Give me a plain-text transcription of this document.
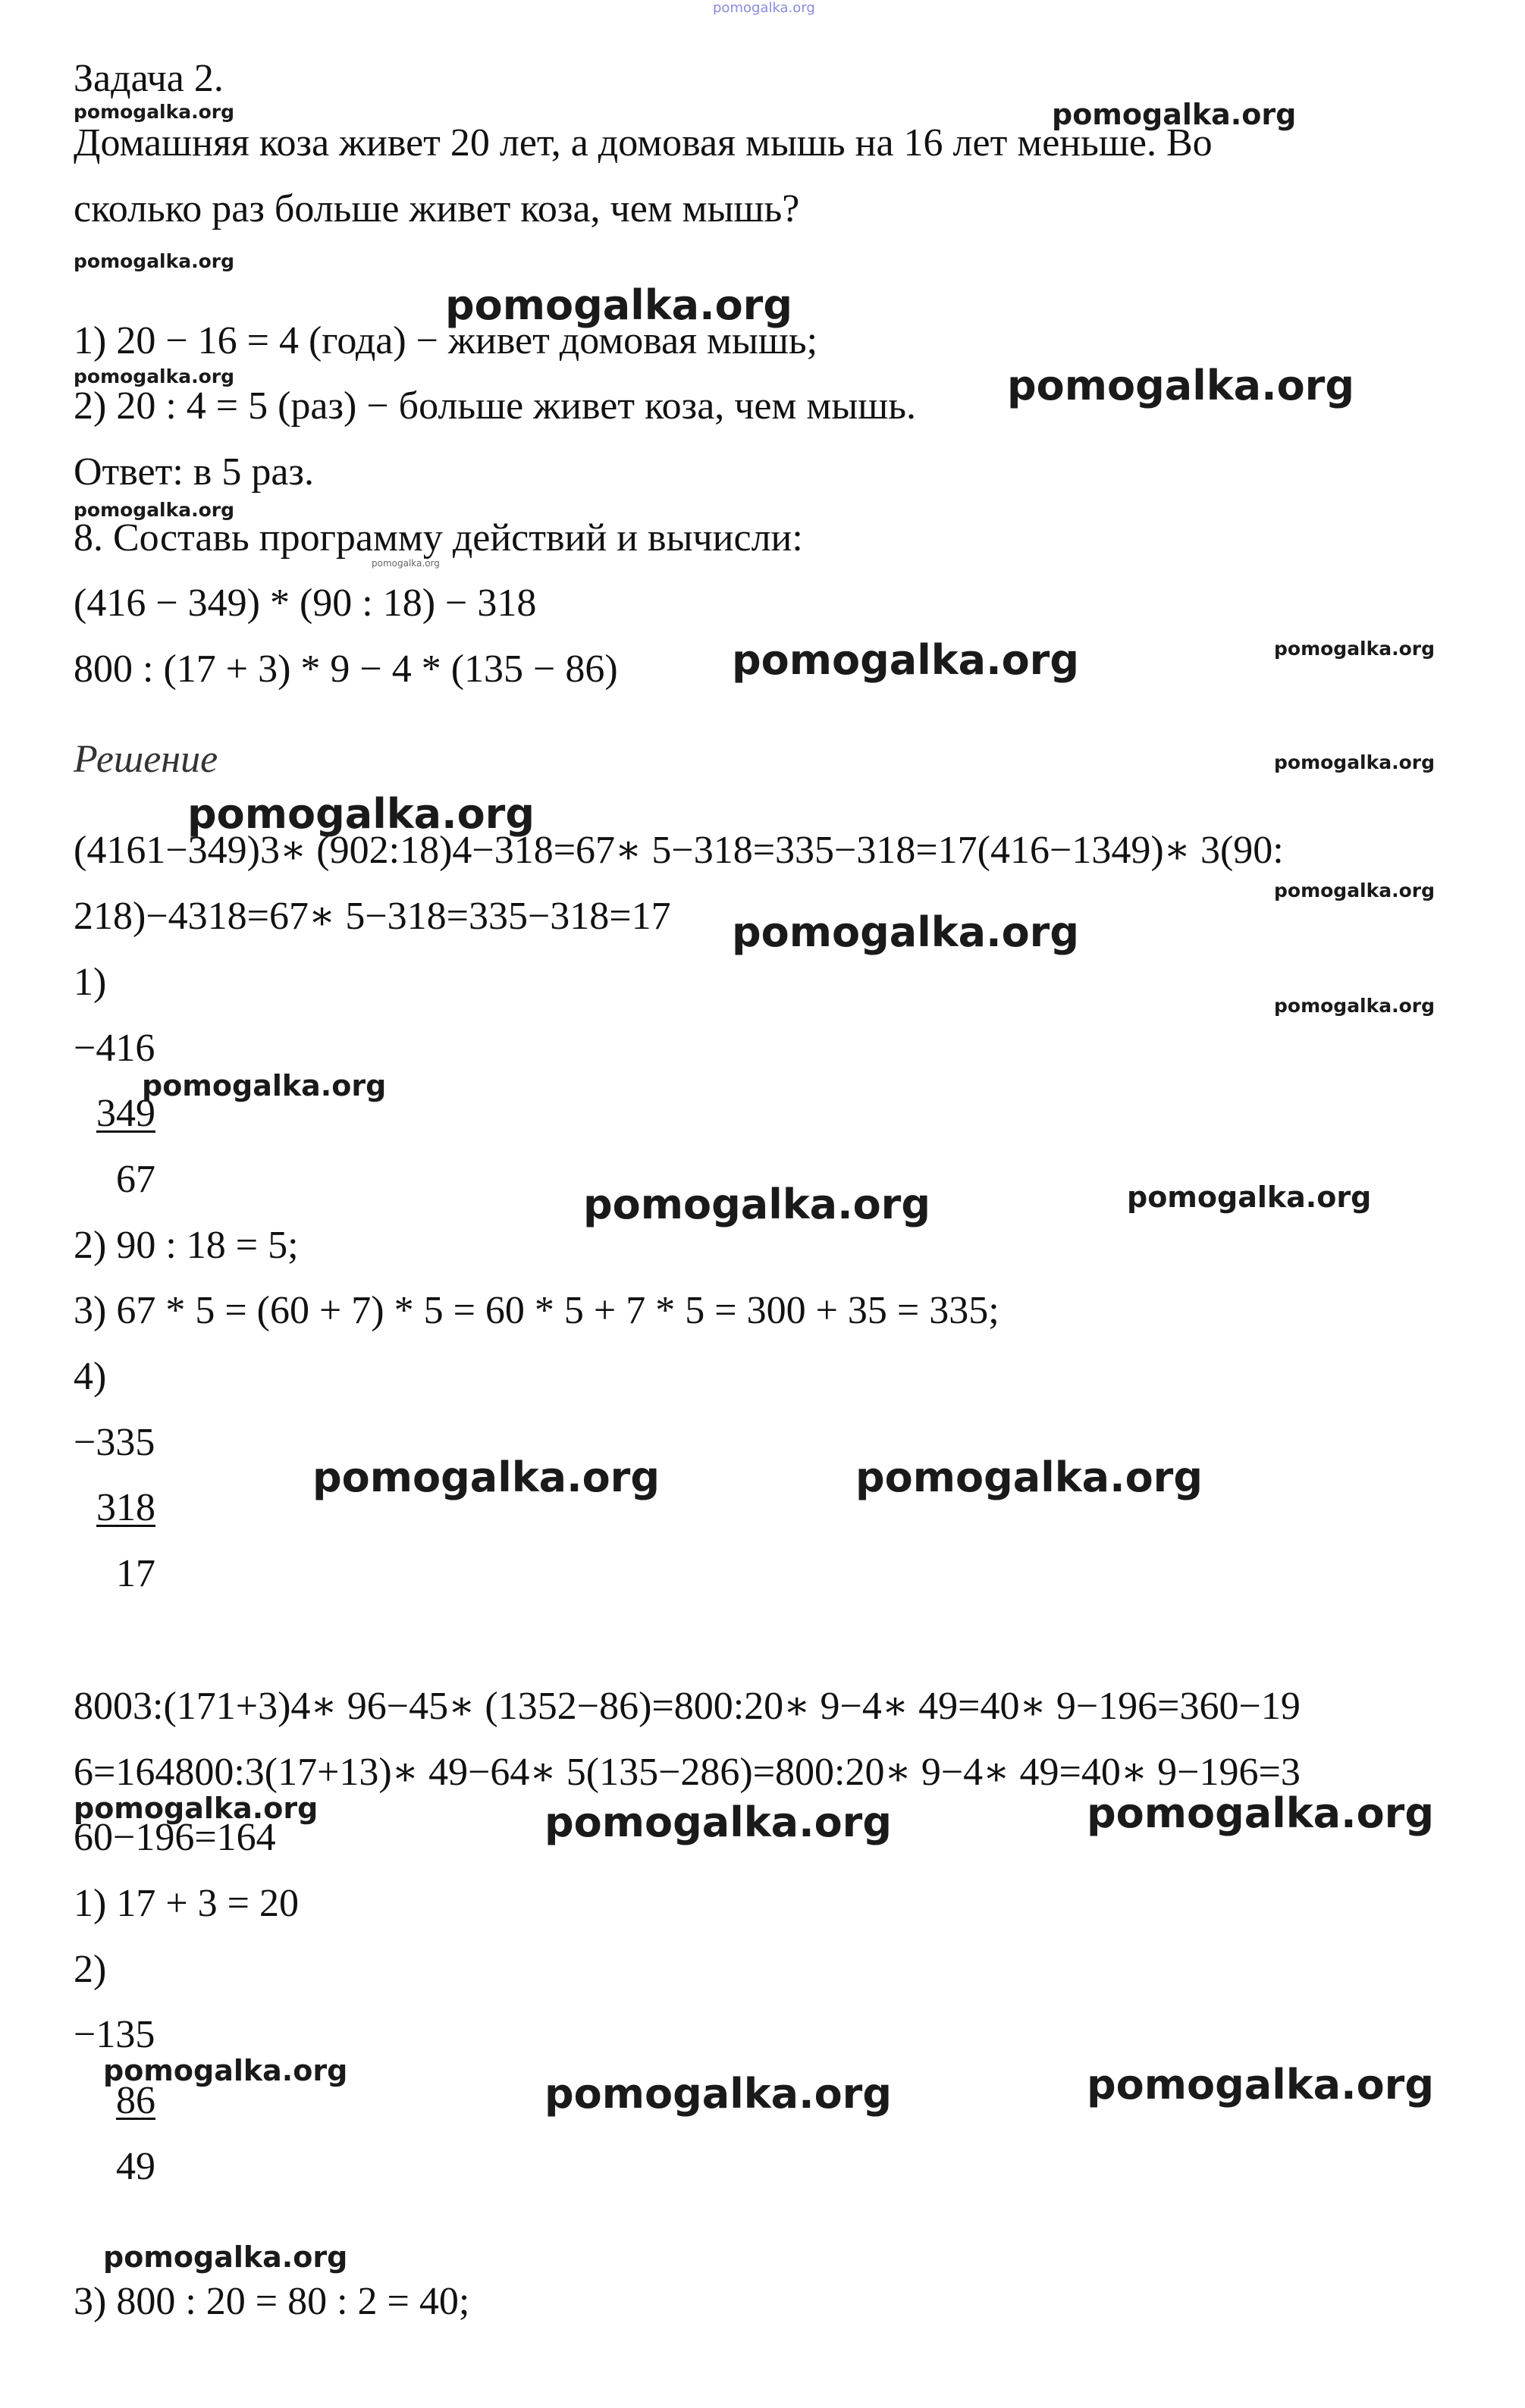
pomogalka.org
Задача 2.
Домашняя коза живет 20 лет, а домовая мышь на 16 лет меньше. Во
сколько раз больше живет коза, чем мышь?
1) 20 − 16 = 4 (года) − живет домовая мышь;
2) 20 : 4 = 5 (раз) − больше живет коза, чем мышь.
Ответ: в 5 раз.
8. Составь программу действий и вычисли:
(416 − 349) * (90 : 18) − 318
800 : (17 + 3) * 9 − 4 * (135 − 86)
Решение
(4161−349)3∗ (902:18)4−318=67∗ 5−318=335−318=17(416−1349)∗ 3(90:
218)−4318=67∗ 5−318=335−318=17
1)
−416
349
67
2) 90 : 18 = 5;
3) 67 * 5 = (60 + 7) * 5 = 60 * 5 + 7 * 5 = 300 + 35 = 335;
4)
−335
318
17
8003:(171+3)4∗ 96−45∗ (1352−86)=800:20∗ 9−4∗ 49=40∗ 9−196=360−19
6=164800:3(17+13)∗ 49−64∗ 5(135−286)=800:20∗ 9−4∗ 49=40∗ 9−196=3
60−196=164
1) 17 + 3 = 20
2)
−135
86
49
3) 800 : 20 = 80 : 2 = 40;
pomogalka.org	pomogalka.org
pomogalka.org
pomogalka.org
pomogalka.org	pomogalka.org
pomogalka.org
pomogalka.org
pomogalka.org	pomogalka.org
pomogalka.org
pomogalka.org
pomogalka.org
pomogalka.org
pomogalka.org
pomogalka.org
pomogalka.org	pomogalka.org
pomogalka.org	pomogalka.org
pomogalka.org	pomogalka.org	pomogalka.org
pomogalka.org	pomogalka.org	pomogalka.org
pomogalka.org
